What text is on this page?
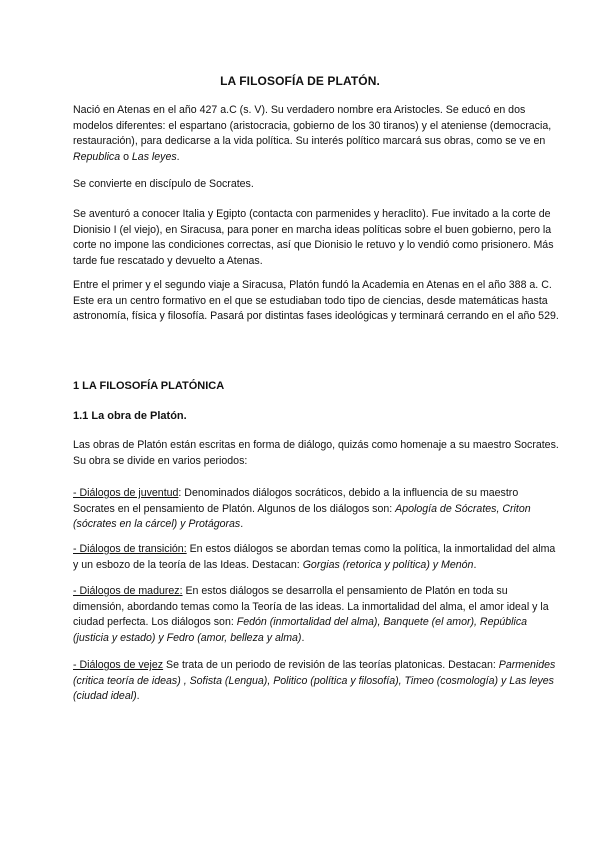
LA FILOSOFÍA DE PLATÓN.

Nació en Atenas en el año 427 a.C (s. V). Su verdadero nombre era Aristocles. Se educó en dos modelos diferentes: el espartano (aristocracia, gobierno de los 30 tiranos) y el ateniense (democracia, restauración), para dedicarse a la vida política. Su interés político marcará sus obras, como se ve en Republica o Las leyes.

Se convierte en discípulo de Socrates.

Se aventuró a conocer Italia y Egipto (contacta con parmenides y heraclito). Fue invitado a la corte de Dionisio I (el viejo), en Siracusa, para poner en marcha ideas políticas sobre el buen gobierno, pero la corte no impone las condiciones correctas, así que Dionisio le retuvo y lo vendió como prisionero. Más tarde fue rescatado y devuelto a Atenas.

Entre el primer y el segundo viaje a Siracusa, Platón fundó la Academia en Atenas en el año 388 a. C. Este era un centro formativo en el que se estudiaban todo tipo de ciencias, desde matemáticas hasta astronomía, física y filosofía. Pasará por distintas fases ideológicas y terminará cerrando en el año 529.

1 LA FILOSOFÍA PLATÓNICA
1.1 La obra de Platón.

Las obras de Platón están escritas en forma de diálogo, quizás como homenaje a su maestro Socrates. Su obra se divide en varios periodos:

- Diálogos de juventud: Denominados diálogos socráticos, debido a la influencia de su maestro Socrates en el pensamiento de Platón. Algunos de los diálogos son: Apología de Sócrates, Criton (sócrates en la cárcel) y Protágoras.

- Diálogos de transición: En estos diálogos se abordan temas como la política, la inmortalidad del alma y un esbozo de la teoría de las Ideas. Destacan: Gorgias (retorica y política) y Menón.

- Diálogos de madurez: En estos diálogos se desarrolla el pensamiento de Platón en toda su dimensión, abordando temas como la Teoría de las ideas. La inmortalidad del alma, el amor ideal y la ciudad perfecta. Los diálogos son: Fedón (inmortalidad del alma), Banquete (el amor), República (justicia y estado) y Fedro (amor, belleza y alma).

- Diálogos de vejez Se trata de un periodo de revisión de las teorías platonicas. Destacan: Parmenides (critica teoría de ideas) , Sofista (Lengua), Politico (política y filosofía), Timeo (cosmología) y Las leyes (ciudad ideal).
